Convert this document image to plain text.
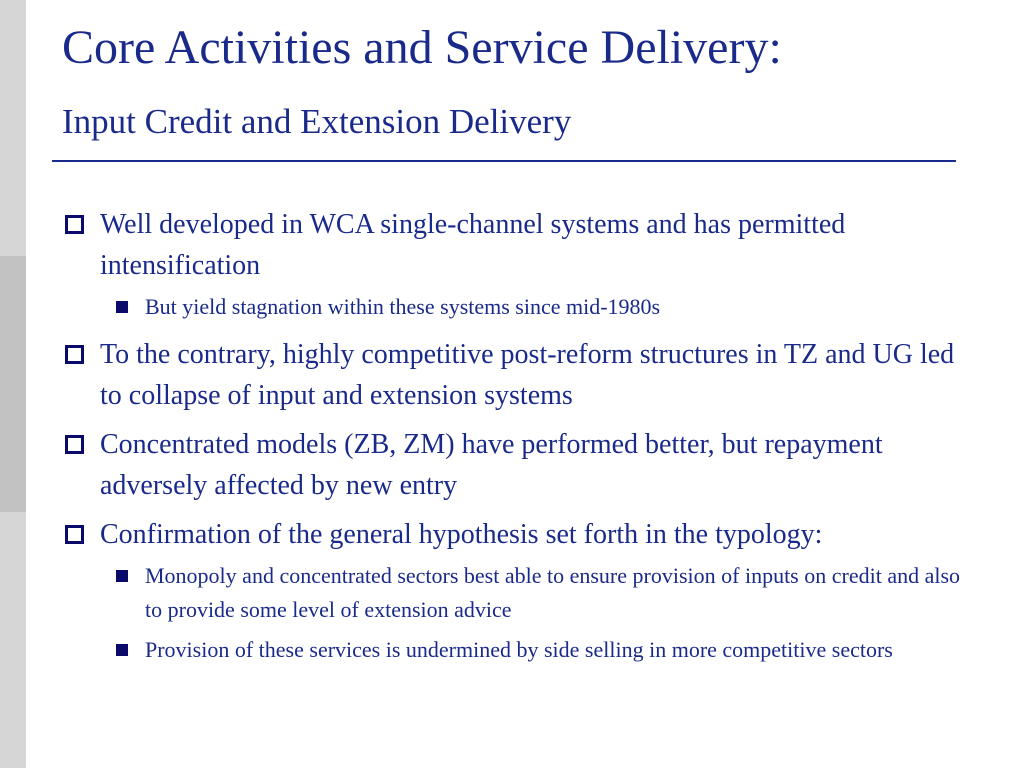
Core Activities and Service Delivery:
Input Credit and Extension Delivery
Well developed in WCA single-channel systems and has permitted intensification
But yield stagnation within these systems since mid-1980s
To the contrary, highly competitive post-reform structures in TZ and UG led to collapse of input and extension systems
Concentrated models (ZB, ZM) have performed better, but repayment adversely affected by new entry
Confirmation of the general hypothesis set forth in the typology:
Monopoly and concentrated sectors best able to ensure provision of inputs on credit and also to provide some level of extension advice
Provision of these services is undermined by side selling in more competitive sectors
